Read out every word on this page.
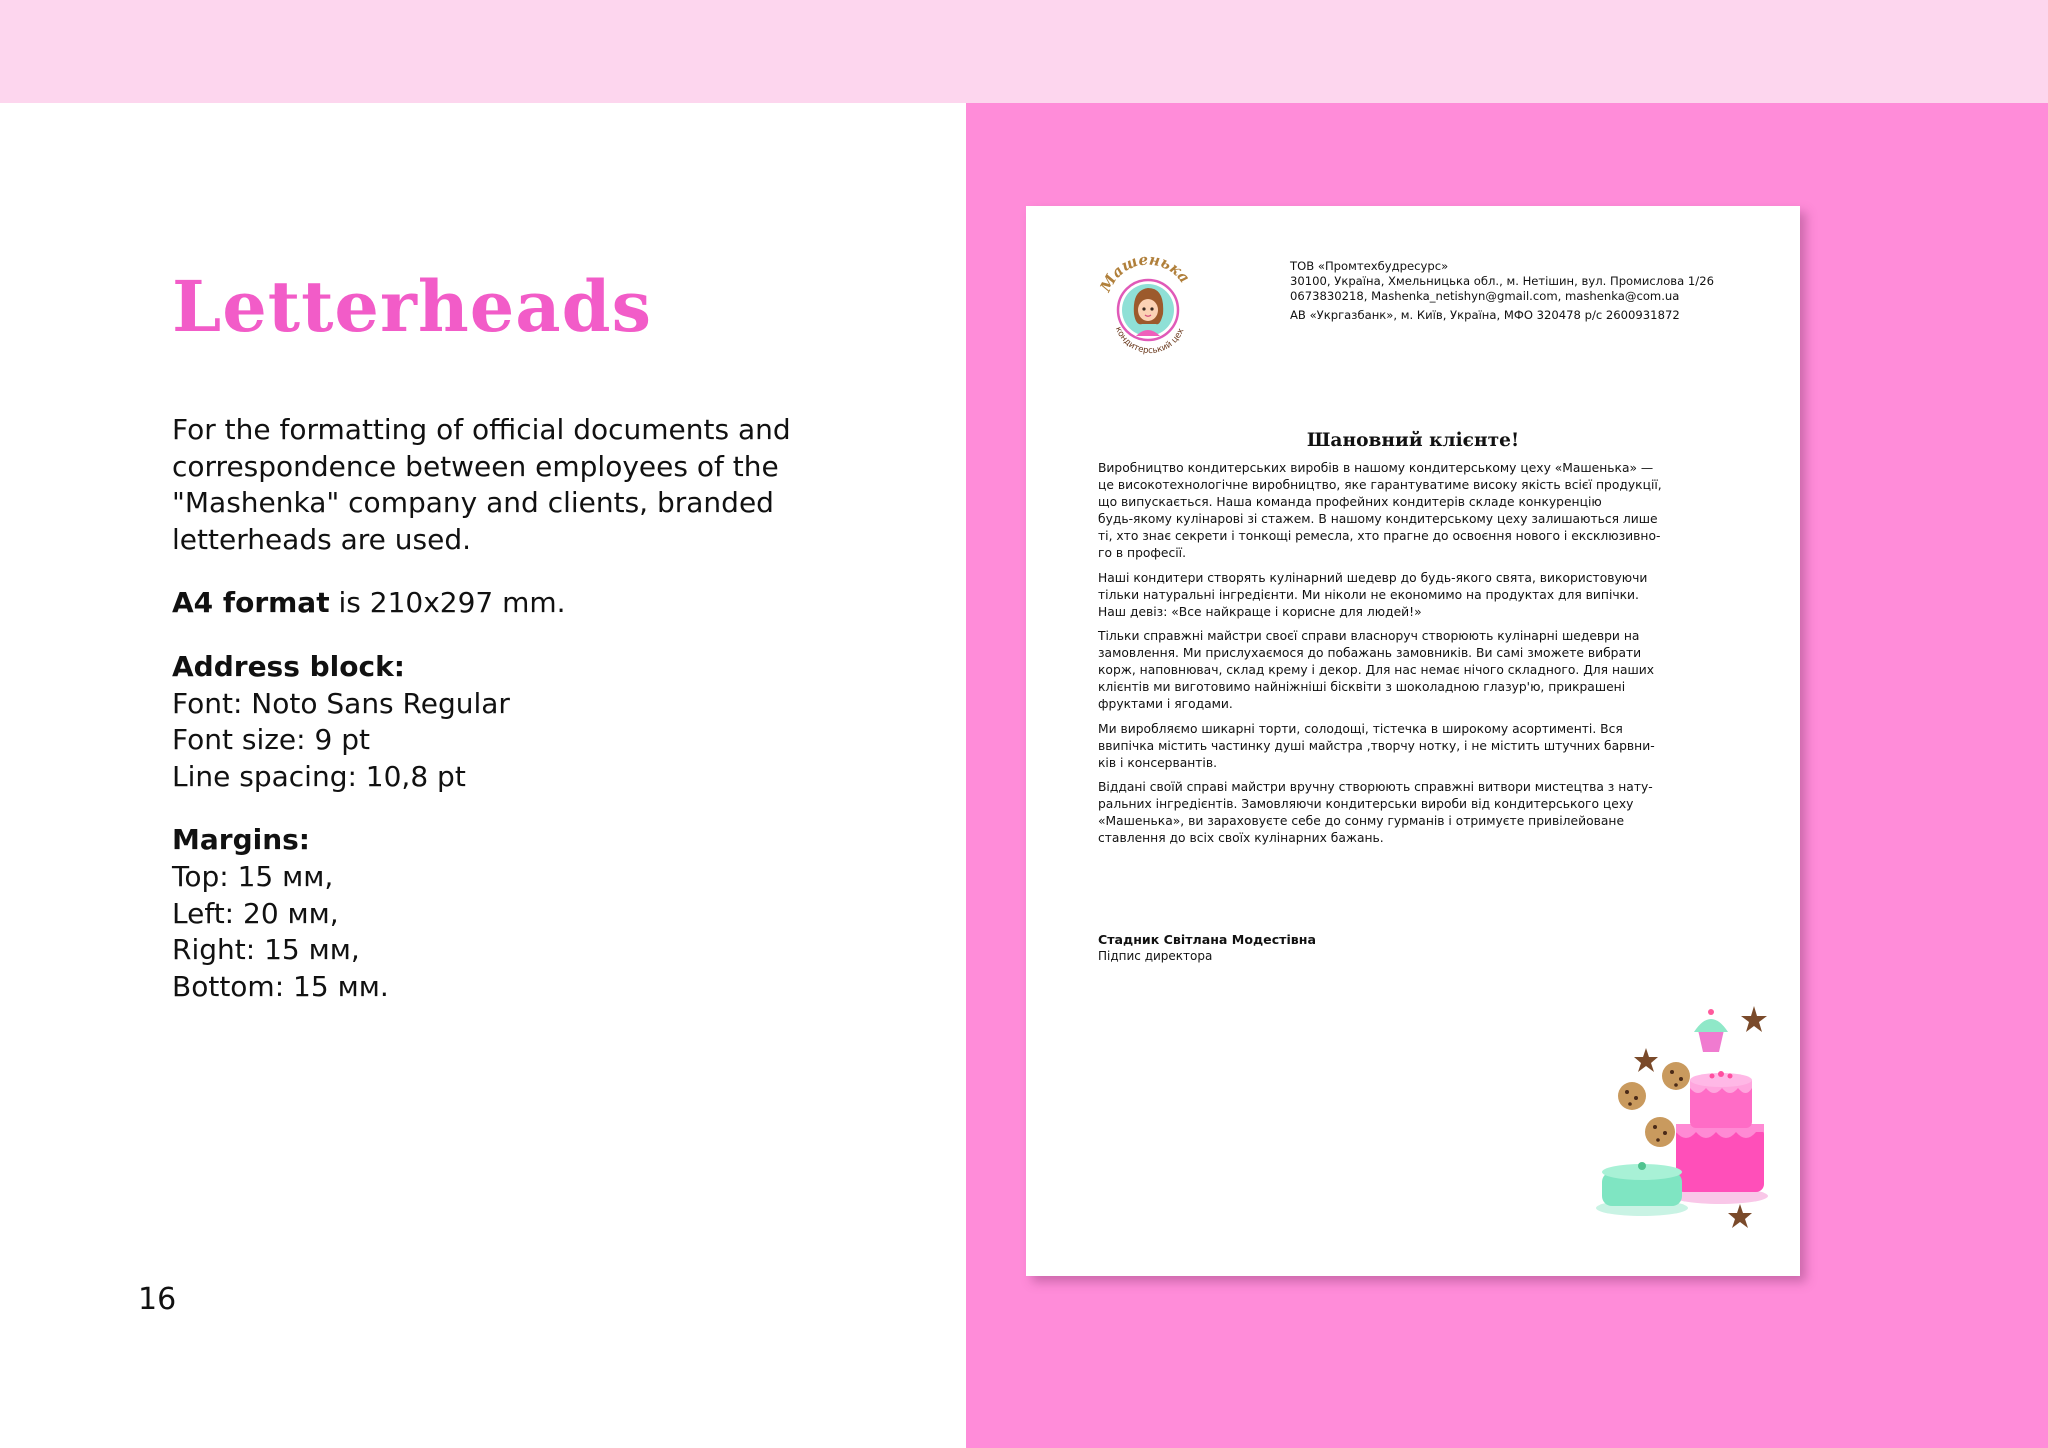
Letterheads

For the formatting of official documents and
correspondence between employees of the
"Mashenka" company and clients, branded
letterheads are used.

A4 format is 210x297 mm.

Address block:
Font: Noto Sans Regular
Font size: 9 pt
Line spacing: 10,8 pt

Margins:
Top: 15 мм,
Left: 20 мм,
Right: 15 мм,
Bottom: 15 мм.

16
Машенька
кондитерський цех
ТОВ «Промтехбудресурс»
30100, Україна, Хмельницька обл., м. Нетішин, вул. Промислова 1/26
0673830218, Mashenka_netishyn@gmail.com, mashenka@com.ua
АВ «Укргазбанк», м. Київ, Україна, МФО 320478 р/с 2600931872
Шановний клієнте!

Виробництво кондитерських виробів в нашому кондитерському цеху «Машенька» —
це високотехнологічне виробництво, яке гарантуватиме високу якість всієї продукції,
що випускається. Наша команда профейних кондитерів складе конкуренцію
будь-якому кулінарові зі стажем. В нашому кондитерському цеху залишаються лише
ті, хто знає секрети і тонкощі ремесла, хто прагне до освоєння нового і ексклюзивно-
го в професії.

Наші кондитери створять кулінарний шедевр до будь-якого свята, використовуючи
тільки натуральні інгредієнти. Ми ніколи не економимо на продуктах для випічки.
Наш девіз: «Все найкраще і корисне для людей!»

Тільки справжні майстри своєї справи власноруч створюють кулінарні шедеври на
замовлення. Ми прислухаємося до побажань замовників. Ви самі зможете вибрати
корж, наповнювач, склад крему і декор. Для нас немає нічого складного. Для наших
клієнтів ми виготовимо найніжніші бісквіти з шоколадною глазур'ю, прикрашені
фруктами і ягодами.

Ми виробляємо шикарні торти, солодощі, тістечка в широкому асортименті. Вся
ввипічка містить частинку душі майстра ,творчу нотку, і не містить штучних барвни-
ків і консервантів.

Віддані своїй справі майстри вручну створюють справжні витвори мистецтва з нату-
ральних інгредієнтів. Замовляючи кондитерськи вироби від кондитерського цеху
«Машенька», ви зараховуєте себе до сонму гурманів і отримуєте привілейоване
ставлення до всіх своїх кулінарних бажань.

Стадник Світлана Модестівна
Підпис директора
